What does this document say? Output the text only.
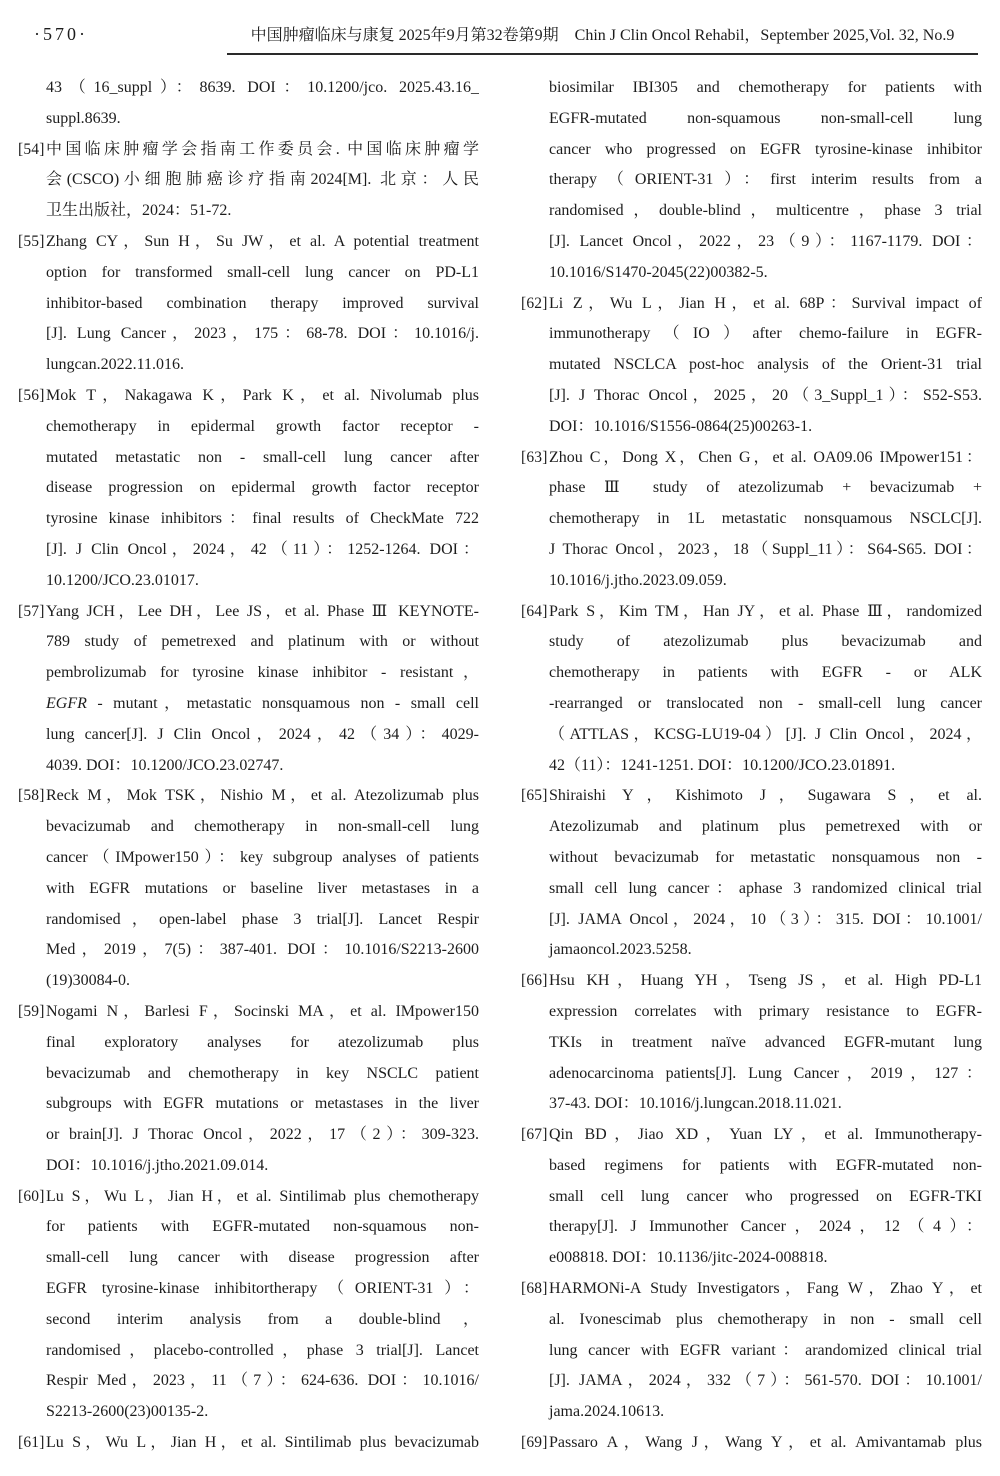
·570·	中国肿瘤临床与康复 2025年9月第32卷第9期 Chin J Clin Oncol Rehabil，September 2025,Vol. 32, No.9
43（16_suppl）：8639. DOI：10.1200/jco. 2025.43.16_
suppl.8639.
[54] 中国临床肿瘤学会指南工作委员会. 中国临床肿瘤学
会(CSCO)小细胞肺癌诊疗指南2024[M]. 北京：人民
卫生出版社，2024：51-72.
[55] Zhang CY，Sun H，Su JW，et al. A potential treatment
option for transformed small-cell lung cancer on PD-L1
inhibitor-based combination therapy improved survival
[J]. Lung Cancer，2023，175：68-78. DOI：10.1016/j.
lungcan.2022.11.016.
[56] Mok T，Nakagawa K，Park K，et al. Nivolumab plus
chemotherapy in epidermal growth factor receptor -
mutated metastatic non - small-cell lung cancer after
disease progression on epidermal growth factor receptor
tyrosine kinase inhibitors：final results of CheckMate 722
[J]. J Clin Oncol，2024，42（11）：1252-1264. DOI：
10.1200/JCO.23.01017.
[57] Yang JCH，Lee DH，Lee JS，et al. Phase Ⅲ KEYNOTE-
789 study of pemetrexed and platinum with or without
pembrolizumab for tyrosine kinase inhibitor - resistant，
EGFR - mutant，metastatic nonsquamous non - small cell
lung cancer[J]. J Clin Oncol，2024，42（34）：4029-
4039. DOI：10.1200/JCO.23.02747.
[58] Reck M，Mok TSK，Nishio M，et al. Atezolizumab plus
bevacizumab and chemotherapy in non-small-cell lung
cancer（IMpower150）：key subgroup analyses of patients
with EGFR mutations or baseline liver metastases in a
randomised，open-label phase 3 trial[J]. Lancet Respir
Med，2019，7(5)：387-401. DOI：10.1016/S2213-2600
(19)30084-0.
[59] Nogami N，Barlesi F，Socinski MA，et al. IMpower150
final exploratory analyses for atezolizumab plus
bevacizumab and chemotherapy in key NSCLC patient
subgroups with EGFR mutations or metastases in the liver
or brain[J]. J Thorac Oncol，2022，17（2）：309-323.
DOI：10.1016/j.jtho.2021.09.014.
[60] Lu S，Wu L，Jian H，et al. Sintilimab plus chemotherapy
for patients with EGFR-mutated non-squamous non-
small-cell lung cancer with disease progression after
EGFR tyrosine-kinase inhibitortherapy（ORIENT-31）：
second interim analysis from a double-blind，
randomised，placebo-controlled，phase 3 trial[J]. Lancet
Respir Med，2023，11（7）：624-636. DOI：10.1016/
S2213-2600(23)00135-2.
[61] Lu S，Wu L，Jian H，et al. Sintilimab plus bevacizumab
biosimilar IBI305 and chemotherapy for patients with
EGFR-mutated non-squamous non-small-cell lung
cancer who progressed on EGFR tyrosine-kinase inhibitor
therapy（ORIENT-31）：first interim results from a
randomised，double-blind，multicentre，phase 3 trial
[J]. Lancet Oncol，2022，23（9）：1167-1179. DOI：
10.1016/S1470-2045(22)00382-5.
[62] Li Z，Wu L，Jian H，et al. 68P：Survival impact of
immunotherapy（IO）after chemo-failure in EGFR-
mutated NSCLCA post-hoc analysis of the Orient-31 trial
[J]. J Thorac Oncol，2025，20（3_Suppl_1）：S52-S53.
DOI：10.1016/S1556-0864(25)00263-1.
[63] Zhou C，Dong X，Chen G，et al. OA09.06 IMpower151：
phase Ⅲ study of atezolizumab + bevacizumab +
chemotherapy in 1L metastatic nonsquamous NSCLC[J].
J Thorac Oncol，2023，18（Suppl_11）：S64-S65. DOI：
10.1016/j.jtho.2023.09.059.
[64] Park S，Kim TM，Han JY，et al. Phase Ⅲ，randomized
study of atezolizumab plus bevacizumab and
chemotherapy in patients with EGFR - or ALK
-rearranged or translocated non - small-cell lung cancer
（ATTLAS，KCSG-LU19-04）[J]. J Clin Oncol，2024，
42（11）：1241-1251. DOI：10.1200/JCO.23.01891.
[65] Shiraishi Y，Kishimoto J，Sugawara S，et al.
Atezolizumab and platinum plus pemetrexed with or
without bevacizumab for metastatic nonsquamous non -
small cell lung cancer：aphase 3 randomized clinical trial
[J]. JAMA Oncol，2024，10（3）：315. DOI：10.1001/
jamaoncol.2023.5258.
[66] Hsu KH，Huang YH，Tseng JS，et al. High PD-L1
expression correlates with primary resistance to EGFR-
TKIs in treatment naïve advanced EGFR-mutant lung
adenocarcinoma patients[J]. Lung Cancer，2019，127：
37-43. DOI：10.1016/j.lungcan.2018.11.021.
[67] Qin BD，Jiao XD，Yuan LY，et al. Immunotherapy-
based regimens for patients with EGFR-mutated non-
small cell lung cancer who progressed on EGFR-TKI
therapy[J]. J Immunother Cancer，2024，12（4）：
e008818. DOI：10.1136/jitc-2024-008818.
[68] HARMONi-A Study Investigators，Fang W，Zhao Y，et
al. Ivonescimab plus chemotherapy in non - small cell
lung cancer with EGFR variant：arandomized clinical trial
[J]. JAMA，2024，332（7）：561-570. DOI：10.1001/
jama.2024.10613.
[69] Passaro A，Wang J，Wang Y，et al. Amivantamab plus
